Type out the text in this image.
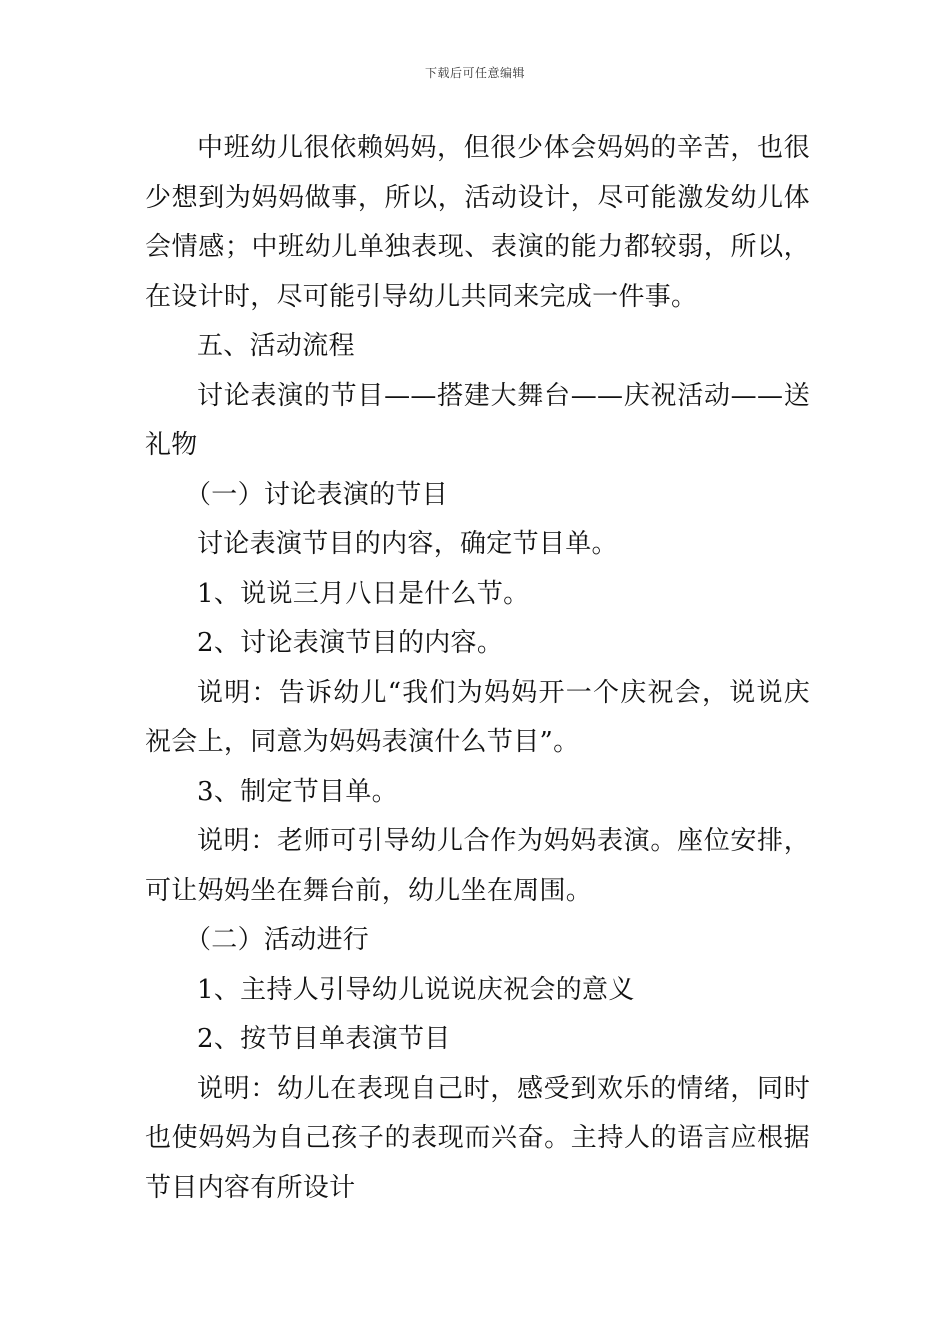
下载后可任意编辑

中班幼儿很依赖妈妈，但很少体会妈妈的辛苦，也很少想到为妈妈做事，所以，活动设计，尽可能激发幼儿体会情感；中班幼儿单独表现、表演的能力都较弱，所以，在设计时，尽可能引导幼儿共同来完成一件事。

五、活动流程

讨论表演的节目——搭建大舞台——庆祝活动——送礼物

（一）讨论表演的节目

讨论表演节目的内容，确定节目单。

1、说说三月八日是什么节。

2、讨论表演节目的内容。

说明：告诉幼儿“我们为妈妈开一个庆祝会，说说庆祝会上，同意为妈妈表演什么节目”。

3、制定节目单。

说明：老师可引导幼儿合作为妈妈表演。座位安排，可让妈妈坐在舞台前，幼儿坐在周围。

（二）活动进行

1、主持人引导幼儿说说庆祝会的意义

2、按节目单表演节目

说明：幼儿在表现自己时，感受到欢乐的情绪，同时也使妈妈为自己孩子的表现而兴奋。主持人的语言应根据节目内容有所设计
